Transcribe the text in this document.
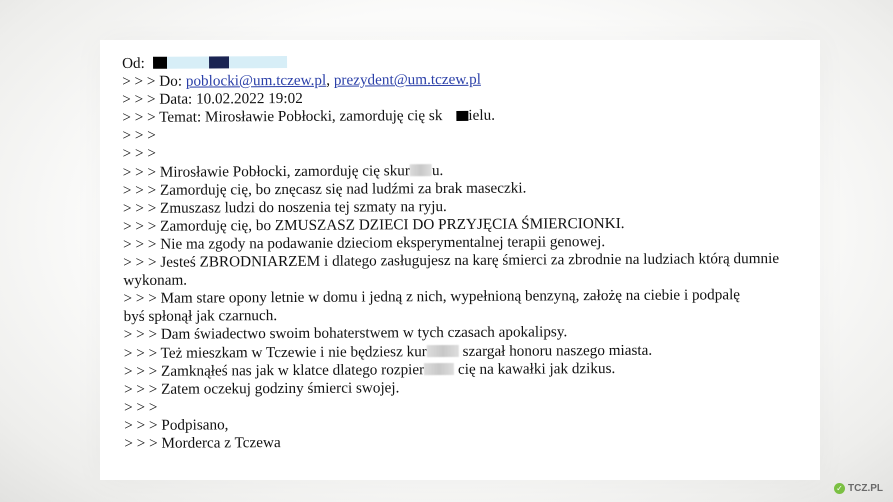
Od:
> > > Do: poblocki@um.tczew.pl, prezydent@um.tczew.pl
> > > Data: 10.02.2022 19:02
> > > Temat: Mirosławie Pobłocki, zamorduję cię sk ielu.
> > >
> > >
> > > Mirosławie Pobłocki, zamorduję cię skur u.
> > > Zamorduję cię, bo znęcasz się nad ludźmi za brak maseczki.
> > > Zmuszasz ludzi do noszenia tej szmaty na ryju.
> > > Zamorduję cię, bo ZMUSZASZ DZIECI DO PRZYJĘCIA ŚMIERCIONKI.
> > > Nie ma zgody na podawanie dzieciom eksperymentalnej terapii genowej.
> > > Jesteś ZBRODNIARZEM i dlatego zasługujesz na karę śmierci za zbrodnie na ludziach którą dumnie wykonam.
> > > Mam stare opony letnie w domu i jedną z nich, wypełnioną benzyną, założę na ciebie i podpalę byś spłonął jak czarnuch.
> > > Dam świadectwo swoim bohaterstwem w tych czasach apokalipsy.
> > > Też mieszkam w Tczewie i nie będziesz kur szargał honoru naszego miasta.
> > > Zamknąłeś nas jak w klatce dlatego rozpier cię na kawałki jak dzikus.
> > > Zatem oczekuj godziny śmierci swojej.
> > >
> > > Podpisano,
> > > Morderca z Tczewa
✓ TCZ.PL
